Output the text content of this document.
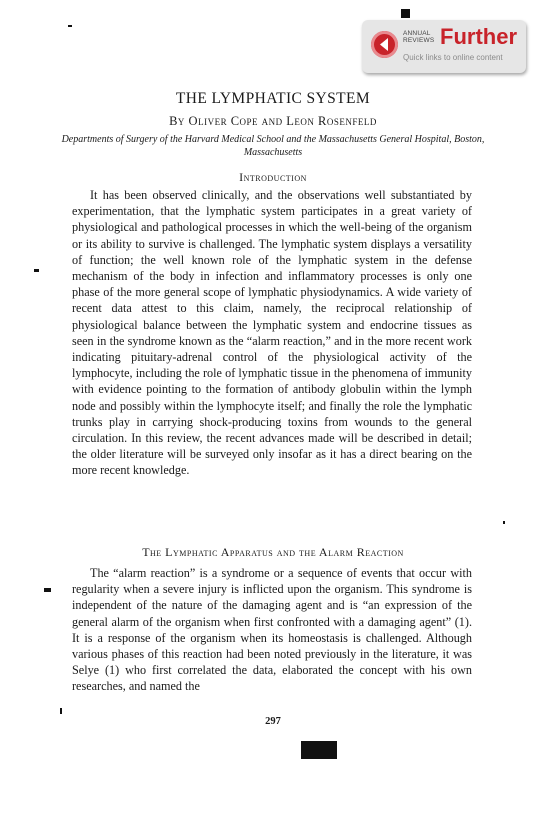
ANNUAL
REVIEWS Further
Quick links to online content
THE LYMPHATIC SYSTEM
By Oliver Cope and Leon Rosenfeld
Departments of Surgery of the Harvard Medical School and the Massachusetts General Hospital, Boston, Massachusetts
Introduction

It has been observed clinically, and the observations well substantiated by experimentation, that the lymphatic system participates in a great variety of physiological and pathological processes in which the well-being of the organism or its ability to survive is challenged. The lymphatic system displays a versatility of function; the well known role of the lymphatic system in the defense mechanism of the body in infection and inflammatory processes is only one phase of the more general scope of lymphatic physiodynamics. A wide variety of recent data attest to this claim, namely, the reciprocal relationship of physiological balance between the lymphatic system and endocrine tissues as seen in the syndrome known as the “alarm reaction,” and in the more recent work indicating pituitary-adrenal control of the physiological activity of the lymphocyte, including the role of lymphatic tissue in the phenomena of immunity with evidence pointing to the formation of antibody globulin within the lymph node and possibly within the lymphocyte itself; and finally the role the lymphatic trunks play in carrying shock-producing toxins from wounds to the general circulation. In this review, the recent advances made will be described in detail; the older literature will be surveyed only insofar as it has a direct bearing on the more recent knowledge.

The Lymphatic Apparatus and the Alarm Reaction

The “alarm reaction” is a syndrome or a sequence of events that occur with regularity when a severe injury is inflicted upon the organism. This syndrome is independent of the nature of the damaging agent and is “an expression of the general alarm of the organism when first confronted with a damaging agent” (1). It is a response of the organism when its homeostasis is challenged. Although various phases of this reaction had been noted previously in the literature, it was Selye (1) who first correlated the data, elaborated the concept with his own researches, and named the

297
